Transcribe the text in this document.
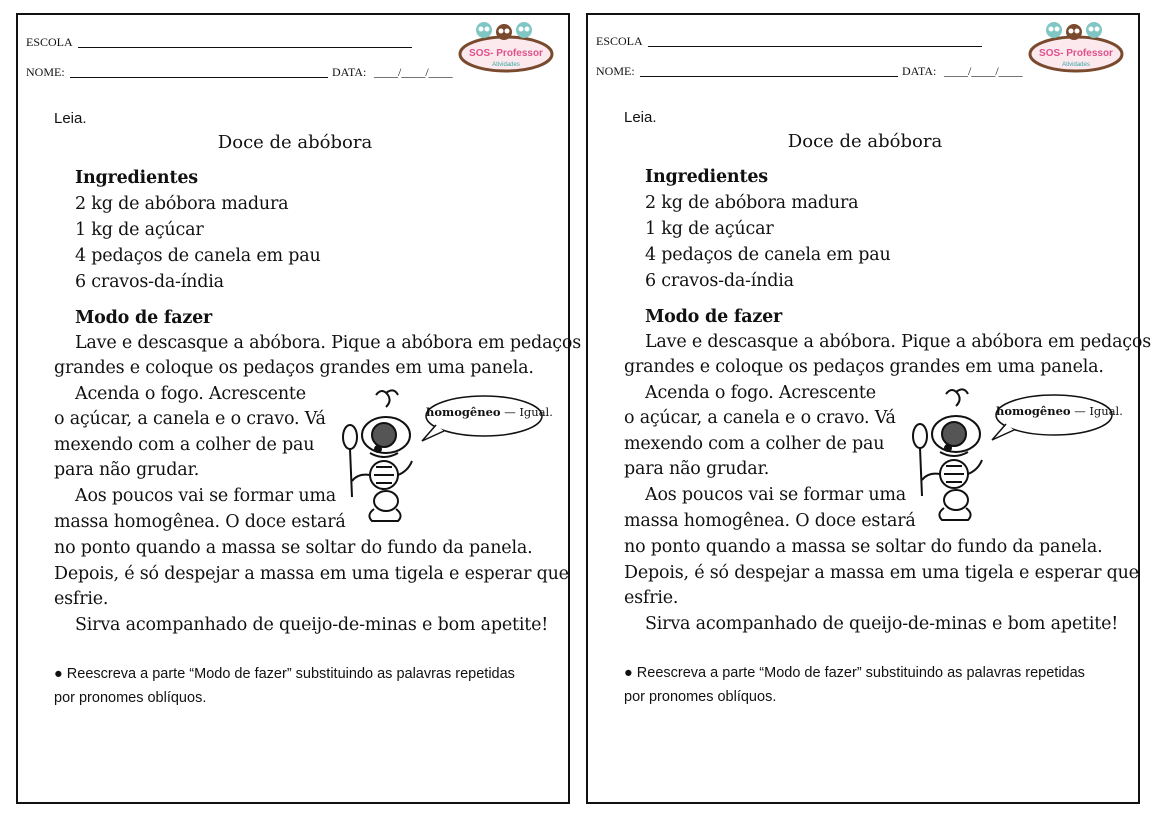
ESCOLA
NOME:	DATA: ____/____/____
SOS- Professor
Atividades
Leia.
Doce de abóbora
Ingredientes
2 kg de abóbora madura
1 kg de açúcar
4 pedaços de canela em pau
6 cravos-da-índia
Modo de fazer
Lave e descasque a abóbora. Pique a abóbora em pedaços
grandes e coloque os pedaços grandes em uma panela.
Acenda o fogo. Acrescente
o açúcar, a canela e o cravo. Vá
mexendo com a colher de pau
para não grudar.
Aos poucos vai se formar uma
massa homogênea. O doce estará
no ponto quando a massa se soltar do fundo da panela.
Depois, é só despejar a massa em uma tigela e esperar que
esfrie.
Sirva acompanhado de queijo-de-minas e bom apetite!
homogêneo — Igual.
● Reescreva a parte “Modo de fazer” substituindo as palavras repetidas
por pronomes oblíquos.
ESCOLA
NOME:	DATA: ____/____/____
SOS- Professor
Atividades
Leia.
Doce de abóbora
Ingredientes
2 kg de abóbora madura
1 kg de açúcar
4 pedaços de canela em pau
6 cravos-da-índia
Modo de fazer
Lave e descasque a abóbora. Pique a abóbora em pedaços
grandes e coloque os pedaços grandes em uma panela.
Acenda o fogo. Acrescente
o açúcar, a canela e o cravo. Vá
mexendo com a colher de pau
para não grudar.
Aos poucos vai se formar uma
massa homogênea. O doce estará
no ponto quando a massa se soltar do fundo da panela.
Depois, é só despejar a massa em uma tigela e esperar que
esfrie.
Sirva acompanhado de queijo-de-minas e bom apetite!
homogêneo — Igual.
● Reescreva a parte “Modo de fazer” substituindo as palavras repetidas
por pronomes oblíquos.
